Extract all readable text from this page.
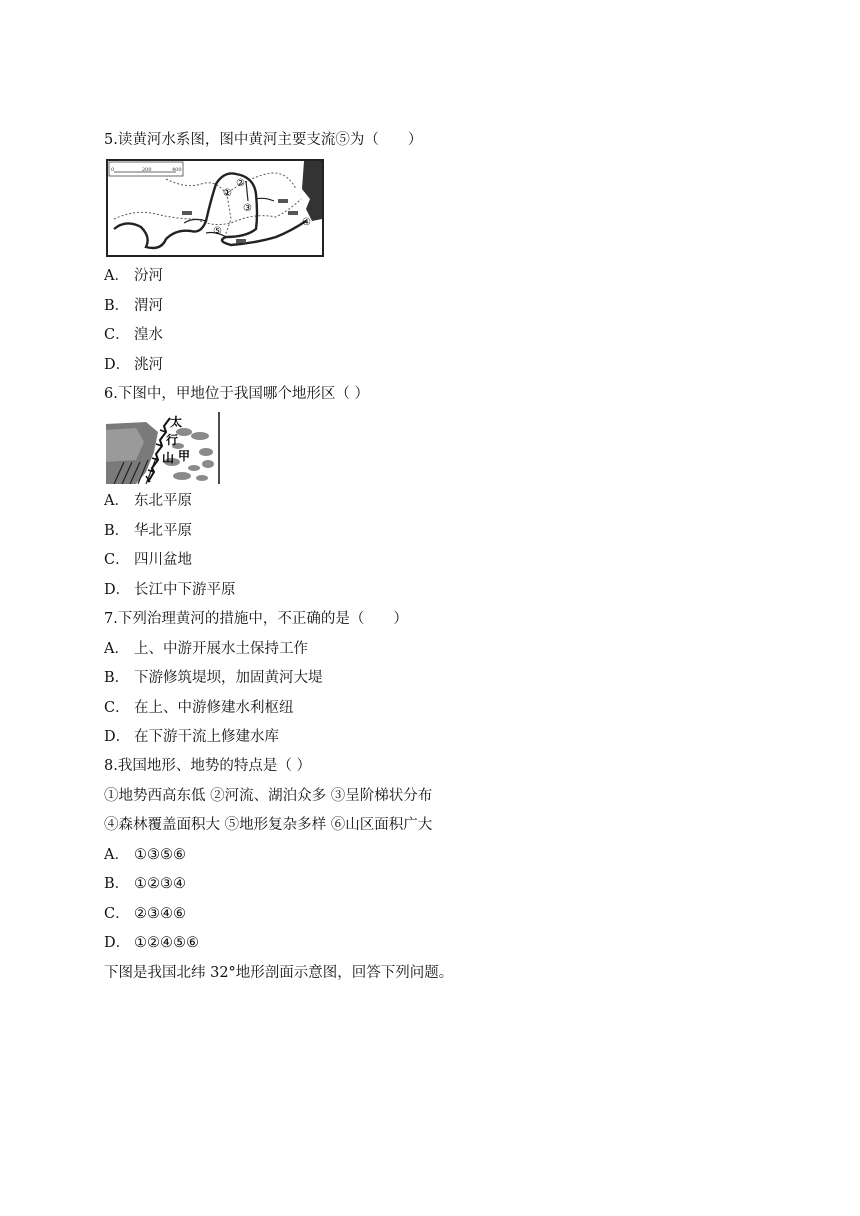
5.读黄河水系图，图中黄河主要支流⑤为（　　）
0	200	400
①
②
③
④
⑤
A． 汾河
B． 渭河
C． 湟水
D． 洮河
6.下图中，甲地位于我国哪个地形区（ ）
太
行
山 甲
A． 东北平原
B． 华北平原
C． 四川盆地
D． 长江中下游平原
7.下列治理黄河的措施中，不正确的是（　　）
A． 上、中游开展水土保持工作
B． 下游修筑堤坝，加固黄河大堤
C． 在上、中游修建水利枢纽
D． 在下游干流上修建水库
8.我国地形、地势的特点是（ ）
①地势西高东低 ②河流、湖泊众多 ③呈阶梯状分布
④森林覆盖面积大 ⑤地形复杂多样 ⑥山区面积广大
A． ①③⑤⑥
B． ①②③④
C． ②③④⑥
D． ①②④⑤⑥
下图是我国北纬 32°地形剖面示意图，回答下列问题。
